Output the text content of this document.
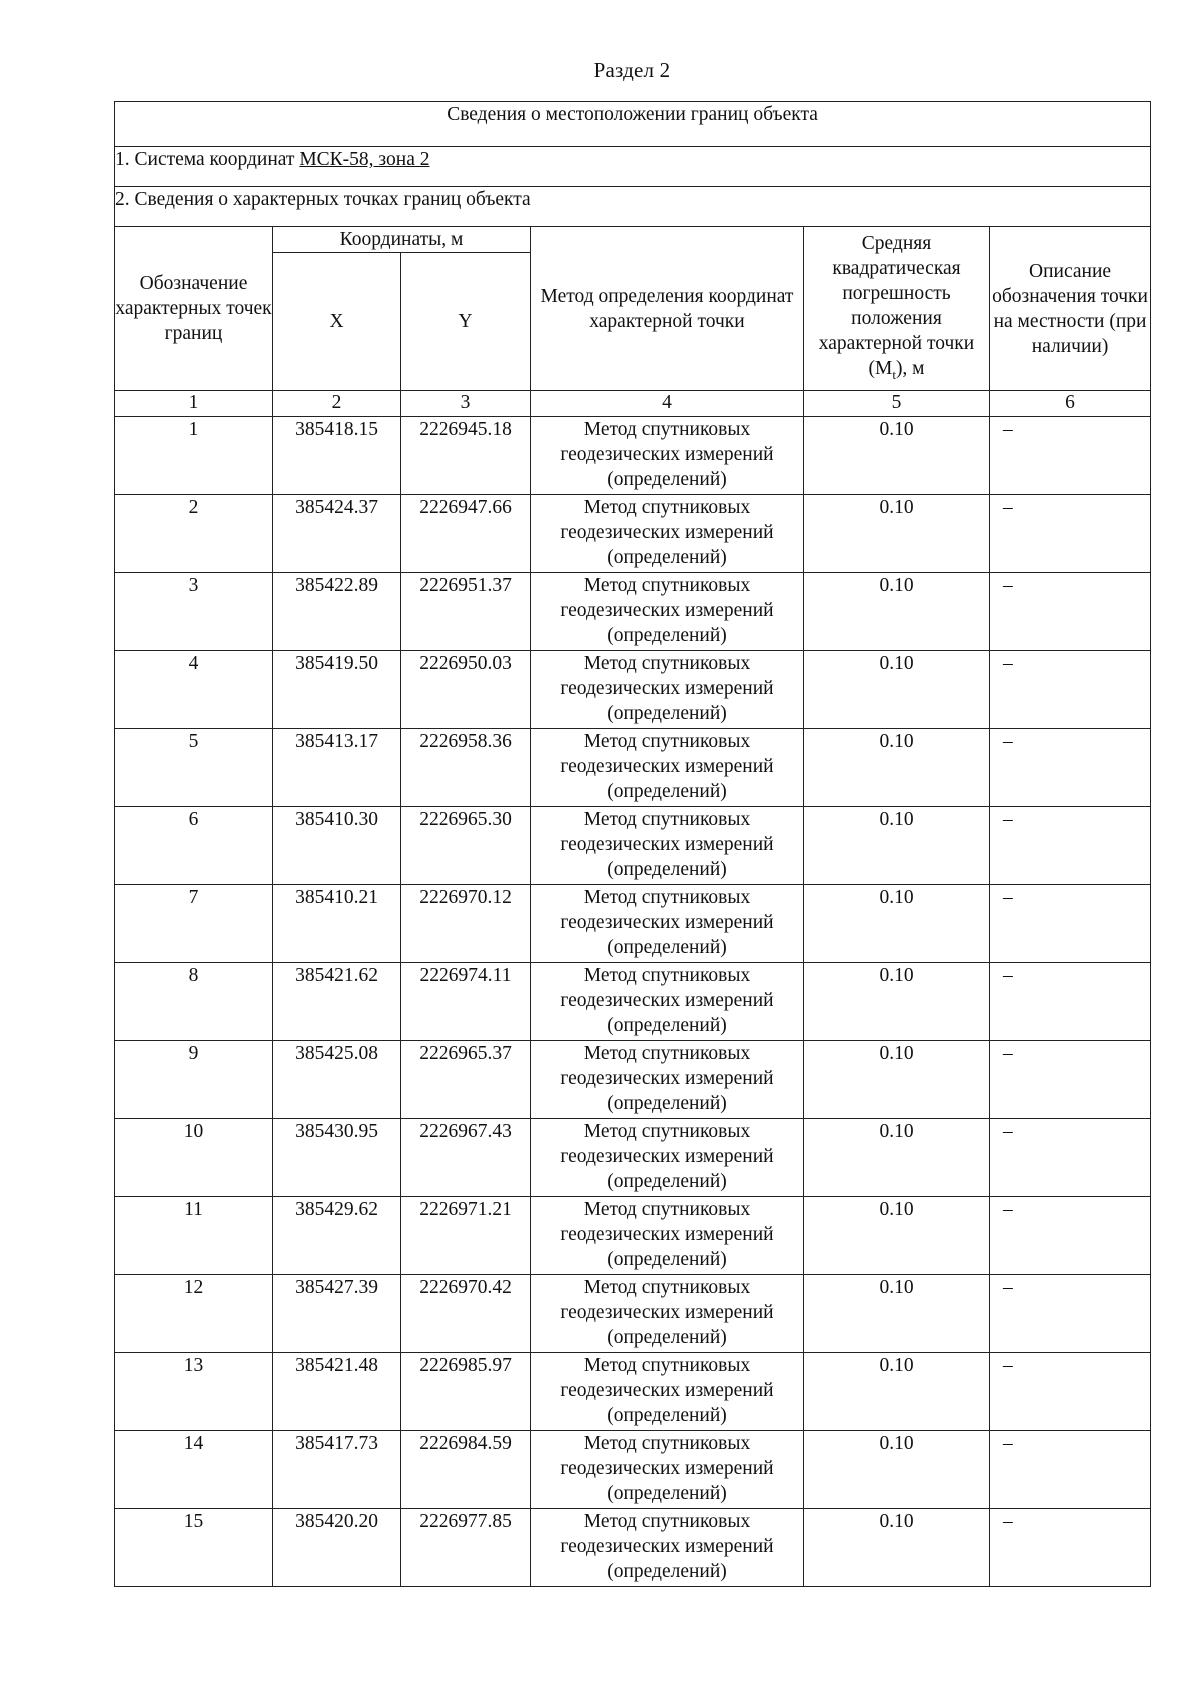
Раздел 2
Сведения о местоположении границ объекта					
1. Система координат МСК-58, зона 2					
2. Сведения о характерных точках границ объекта					
Обозначение характерных точек границ	Координаты, м		Метод определения координат характерной точки	Средняя квадратическая погрешность положения характерной точки $(M_t)$, м	Описание обозначения точки на местности (при наличии)
	X	Y			
1	2	3	4	5	6
1	385418.15	2226945.18	Метод спутниковых геодезических измерений (определений)	0.10	–
2	385424.37	2226947.66	Метод спутниковых геодезических измерений (определений)	0.10	–
3	385422.89	2226951.37	Метод спутниковых геодезических измерений (определений)	0.10	–
4	385419.50	2226950.03	Метод спутниковых геодезических измерений (определений)	0.10	–
5	385413.17	2226958.36	Метод спутниковых геодезических измерений (определений)	0.10	–
6	385410.30	2226965.30	Метод спутниковых геодезических измерений (определений)	0.10	–
7	385410.21	2226970.12	Метод спутниковых геодезических измерений (определений)	0.10	–
8	385421.62	2226974.11	Метод спутниковых геодезических измерений (определений)	0.10	–
9	385425.08	2226965.37	Метод спутниковых геодезических измерений (определений)	0.10	–
10	385430.95	2226967.43	Метод спутниковых геодезических измерений (определений)	0.10	–
11	385429.62	2226971.21	Метод спутниковых геодезических измерений (определений)	0.10	–
12	385427.39	2226970.42	Метод спутниковых геодезических измерений (определений)	0.10	–
13	385421.48	2226985.97	Метод спутниковых геодезических измерений (определений)	0.10	–
14	385417.73	2226984.59	Метод спутниковых геодезических измерений (определений)	0.10	–
15	385420.20	2226977.85	Метод спутниковых геодезических измерений (определений)	0.10	–
